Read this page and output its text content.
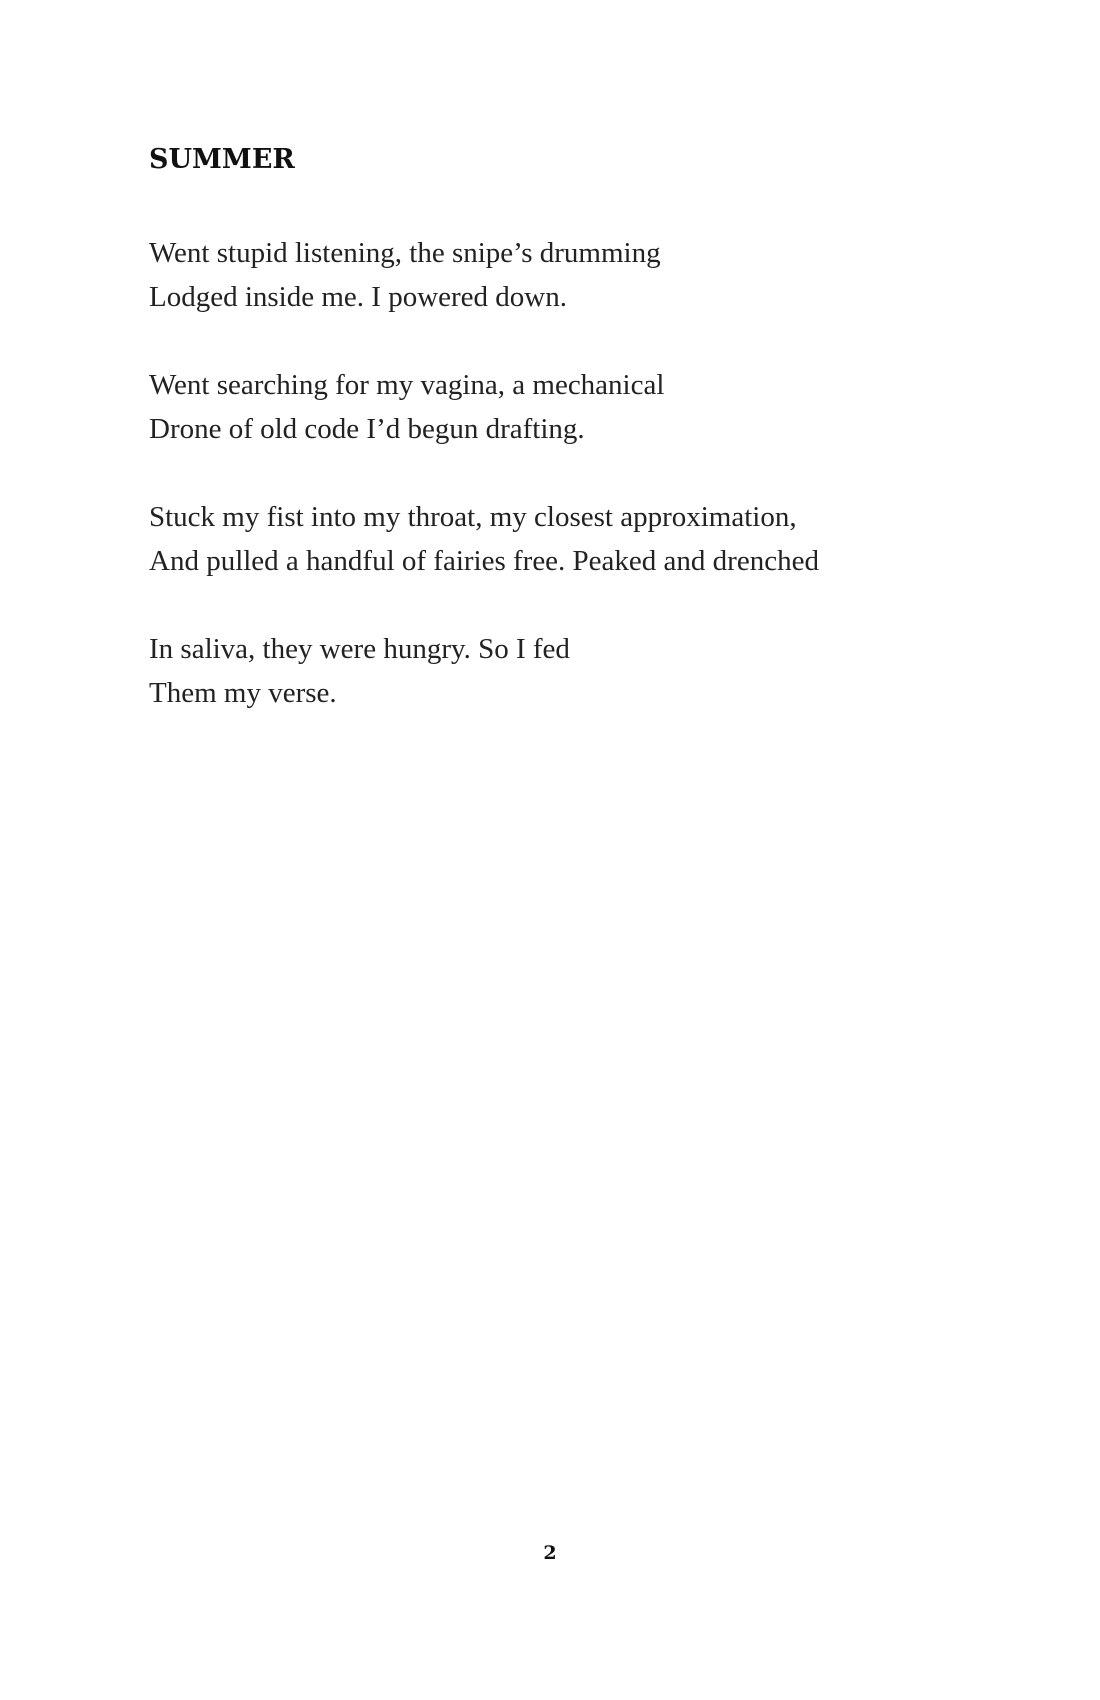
SUMMER

Went stupid listening, the snipe’s drumming
Lodged inside me. I powered down.

Went searching for my vagina, a mechanical
Drone of old code I’d begun drafting.

Stuck my fist into my throat, my closest approximation,
And pulled a handful of fairies free. Peaked and drenched

In saliva, they were hungry. So I fed
Them my verse.

2
